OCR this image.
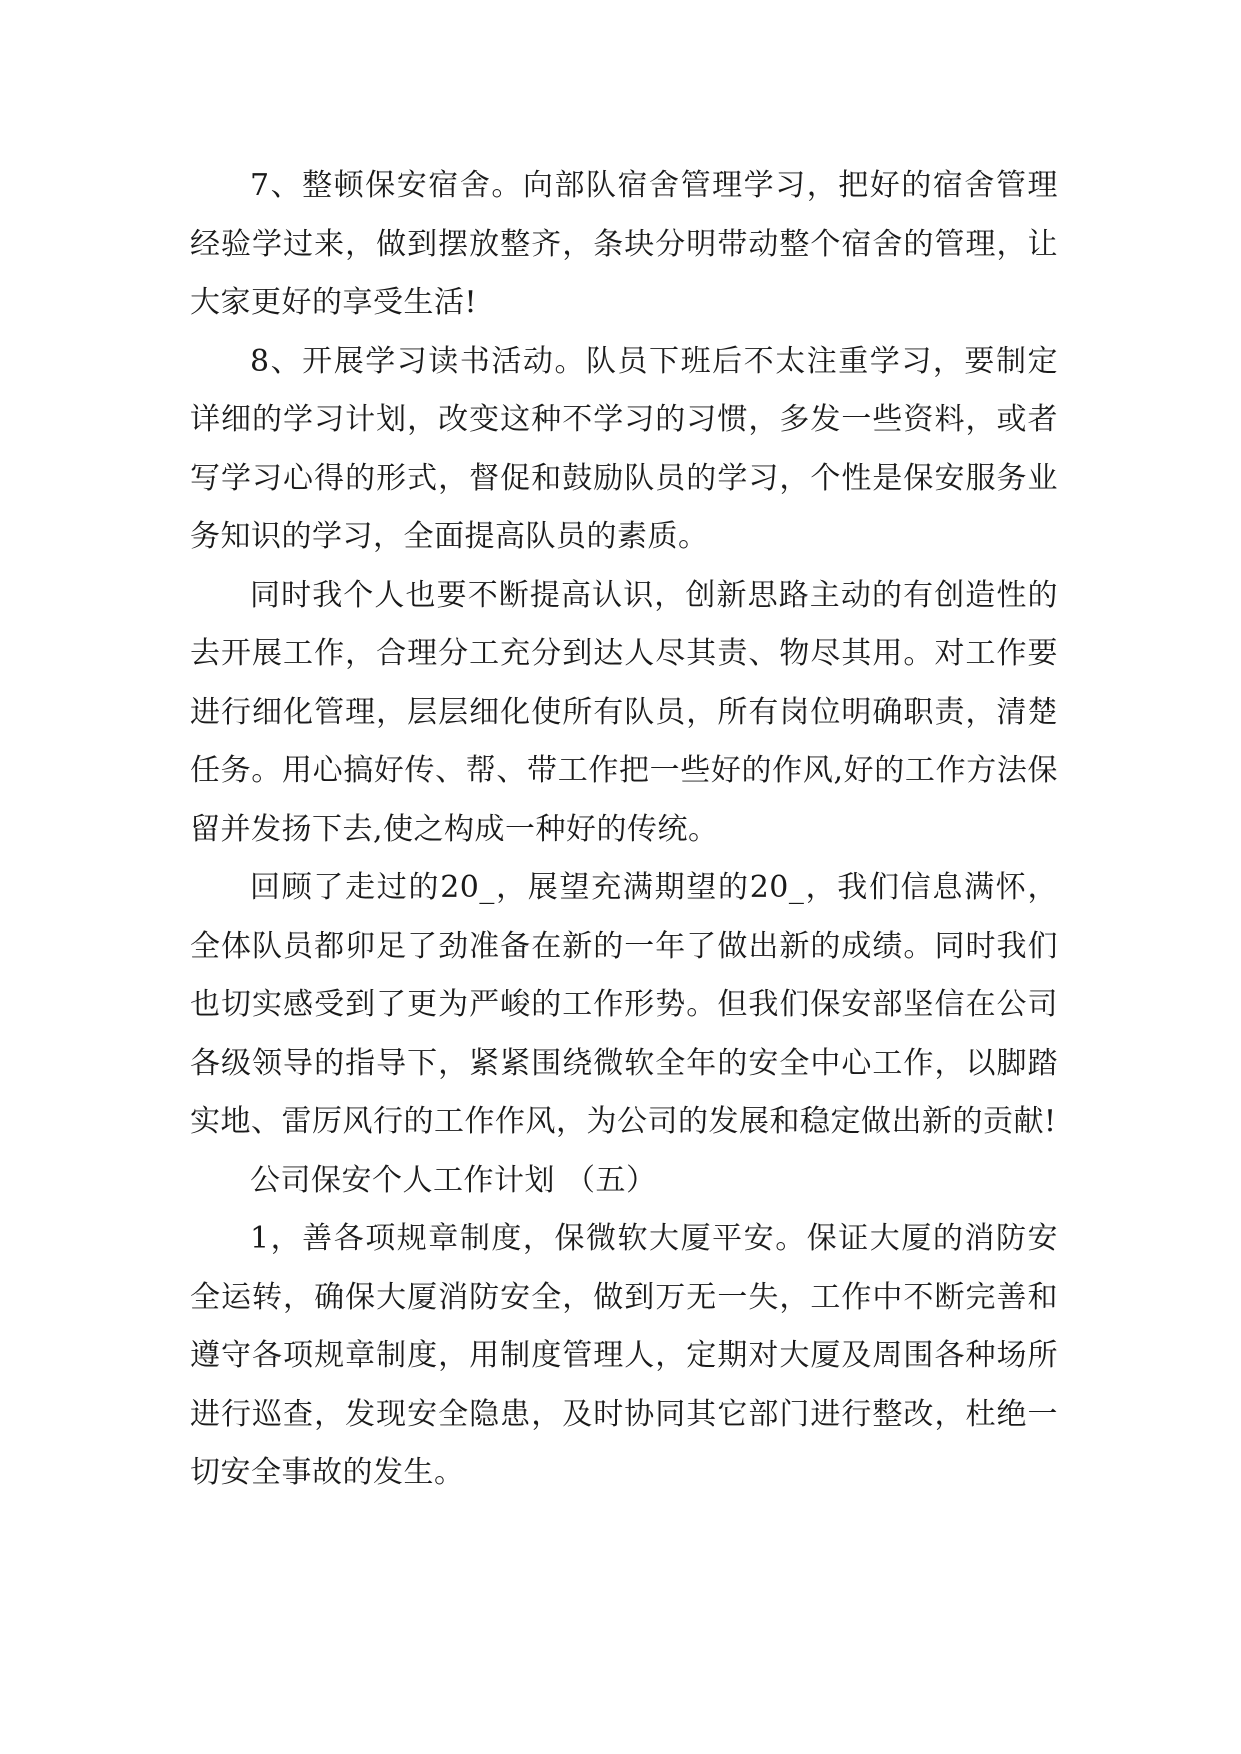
7、整顿保安宿舍。向部队宿舍管理学习，把好的宿舍管理经验学过来，做到摆放整齐，条块分明带动整个宿舍的管理，让大家更好的享受生活!

8、开展学习读书活动。队员下班后不太注重学习，要制定详细的学习计划，改变这种不学习的习惯，多发一些资料，或者写学习心得的形式，督促和鼓励队员的学习，个性是保安服务业务知识的学习，全面提高队员的素质。

同时我个人也要不断提高认识，创新思路主动的有创造性的去开展工作，合理分工充分到达人尽其责、物尽其用。对工作要进行细化管理，层层细化使所有队员，所有岗位明确职责，清楚任务。用心搞好传、帮、带工作把一些好的作风,好的工作方法保留并发扬下去,使之构成一种好的传统。

回顾了走过的20_，展望充满期望的20_，我们信息满怀，全体队员都卯足了劲准备在新的一年了做出新的成绩。同时我们也切实感受到了更为严峻的工作形势。但我们保安部坚信在公司各级领导的指导下，紧紧围绕微软全年的安全中心工作，以脚踏实地、雷厉风行的工作作风，为公司的发展和稳定做出新的贡献!

公司保安个人工作计划 （五）

1，善各项规章制度，保微软大厦平安。保证大厦的消防安全运转，确保大厦消防安全，做到万无一失，工作中不断完善和遵守各项规章制度，用制度管理人，定期对大厦及周围各种场所进行巡查，发现安全隐患，及时协同其它部门进行整改，杜绝一切安全事故的发生。
